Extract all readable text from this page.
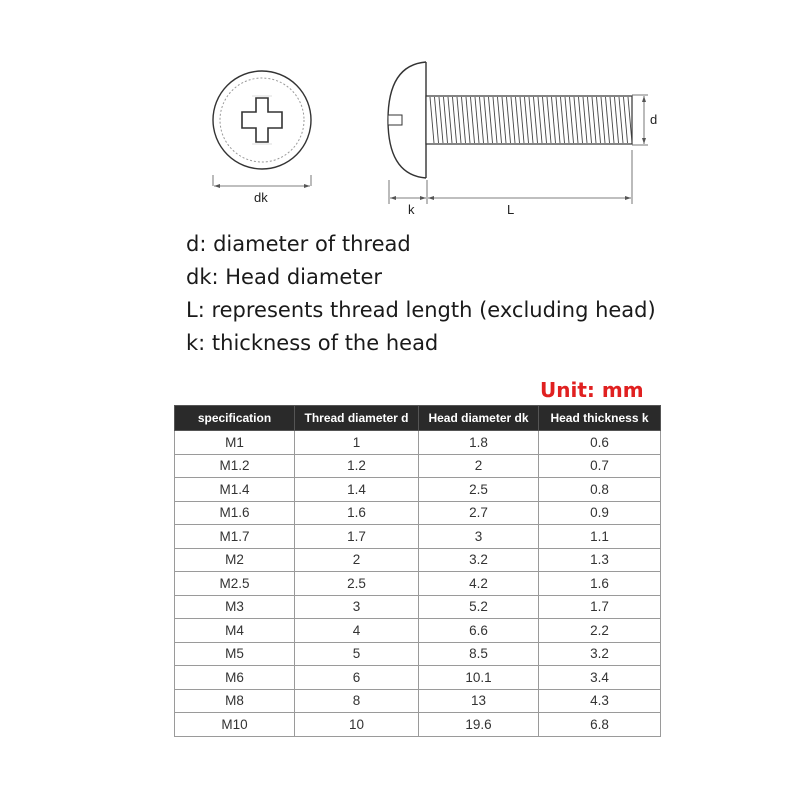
dk
d
k	L
d: diameter of thread
dk: Head diameter
L: represents thread length (excluding head)
k: thickness of the head
Unit: mm
specification	Thread diameter d	Head diameter dk	Head thickness k
M1	1	1.8	0.6
M1.2	1.2	2	0.7
M1.4	1.4	2.5	0.8
M1.6	1.6	2.7	0.9
M1.7	1.7	3	1.1
M2	2	3.2	1.3
M2.5	2.5	4.2	1.6
M3	3	5.2	1.7
M4	4	6.6	2.2
M5	5	8.5	3.2
M6	6	10.1	3.4
M8	8	13	4.3
M10	10	19.6	6.8
